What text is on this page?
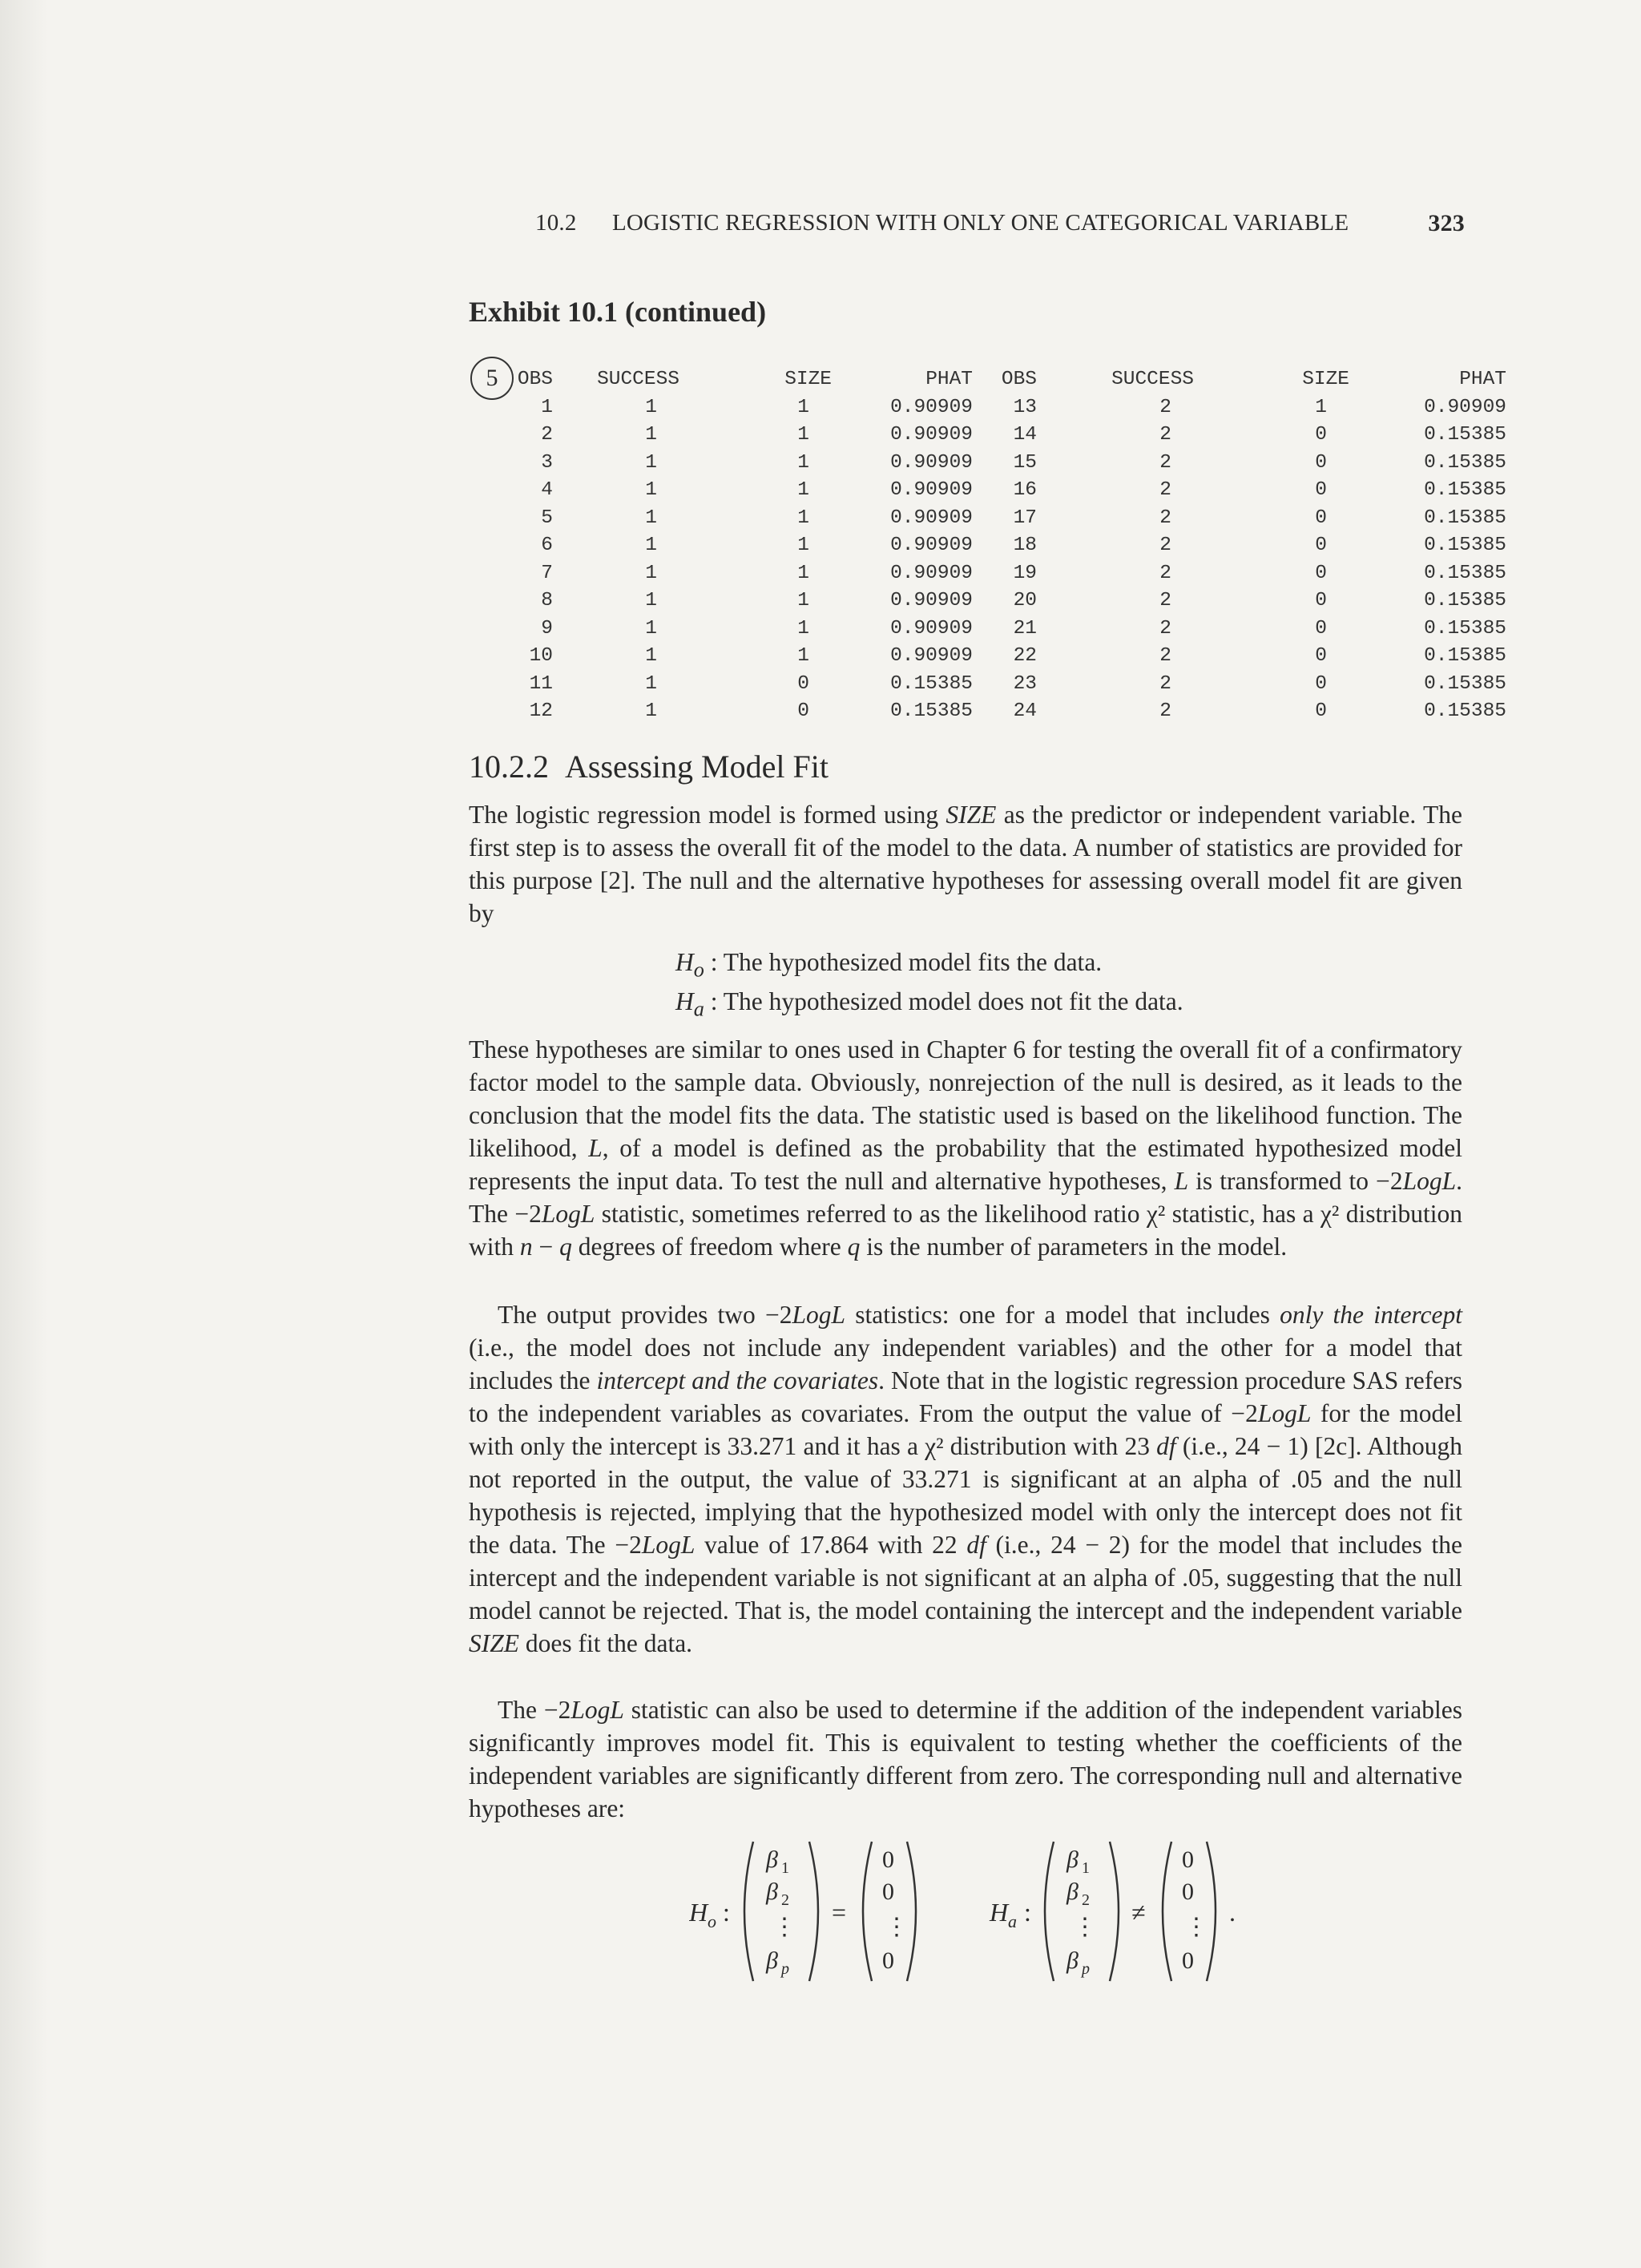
10.2 LOGISTIC REGRESSION WITH ONLY ONE CATEGORICAL VARIABLE	323
Exhibit 10.1 (continued)
5 OBS	SUCCESS	SIZE	PHAT	OBS	SUCCESS	SIZE	PHAT
1	1	1	0.90909	13	2	1	0.90909
2	1	1	0.90909	14	2	0	0.15385
3	1	1	0.90909	15	2	0	0.15385
4	1	1	0.90909	16	2	0	0.15385
5	1	1	0.90909	17	2	0	0.15385
6	1	1	0.90909	18	2	0	0.15385
7	1	1	0.90909	19	2	0	0.15385
8	1	1	0.90909	20	2	0	0.15385
9	1	1	0.90909	21	2	0	0.15385
10	1	1	0.90909	22	2	0	0.15385
11	1	0	0.15385	23	2	0	0.15385
12	1	0	0.15385	24	2	0	0.15385
10.2.2 Assessing Model Fit
The logistic regression model is formed using SIZE as the predictor or independent variable. The first step is to assess the overall fit of the model to the data. A number of statistics are provided for this purpose [2]. The null and the alternative hypotheses for assessing overall model fit are given by
$H_o$ : The hypothesized model fits the data.
$H_a$ : The hypothesized model does not fit the data.
These hypotheses are similar to ones used in Chapter 6 for testing the overall fit of a confirmatory factor model to the sample data. Obviously, nonrejection of the null is desired, as it leads to the conclusion that the model fits the data. The statistic used is based on the likelihood function. The likelihood, L, of a model is defined as the probability that the estimated hypothesized model represents the input data. To test the null and alternative hypotheses, L is transformed to −2LogL. The −2LogL statistic, sometimes referred to as the likelihood ratio χ² statistic, has a χ² distribution with n − q degrees of freedom where q is the number of parameters in the model.
The output provides two −2LogL statistics: one for a model that includes only the intercept (i.e., the model does not include any independent variables) and the other for a model that includes the intercept and the covariates. Note that in the logistic regression procedure SAS refers to the independent variables as covariates. From the output the value of −2LogL for the model with only the intercept is 33.271 and it has a χ² distribution with 23 df (i.e., 24 − 1) [2c]. Although not reported in the output, the value of 33.271 is significant at an alpha of .05 and the null hypothesis is rejected, implying that the hypothesized model with only the intercept does not fit the data. The −2LogL value of 17.864 with 22 df (i.e., 24 − 2) for the model that includes the intercept and the independent variable is not significant at an alpha of .05, suggesting that the null model cannot be rejected. That is, the model containing the intercept and the independent variable SIZE does fit the data.
The −2LogL statistic can also be used to determine if the addition of the independent variables significantly improves model fit. This is equivalent to testing whether the coefficients of the independent variables are significantly different from zero. The corresponding null and alternative hypotheses are:
H o :
β 1
β 2
⋮
β p
=
0
0
⋮
0
H a :
β 1
β 2
⋮
β p
≠
0
0
⋮
0
.
